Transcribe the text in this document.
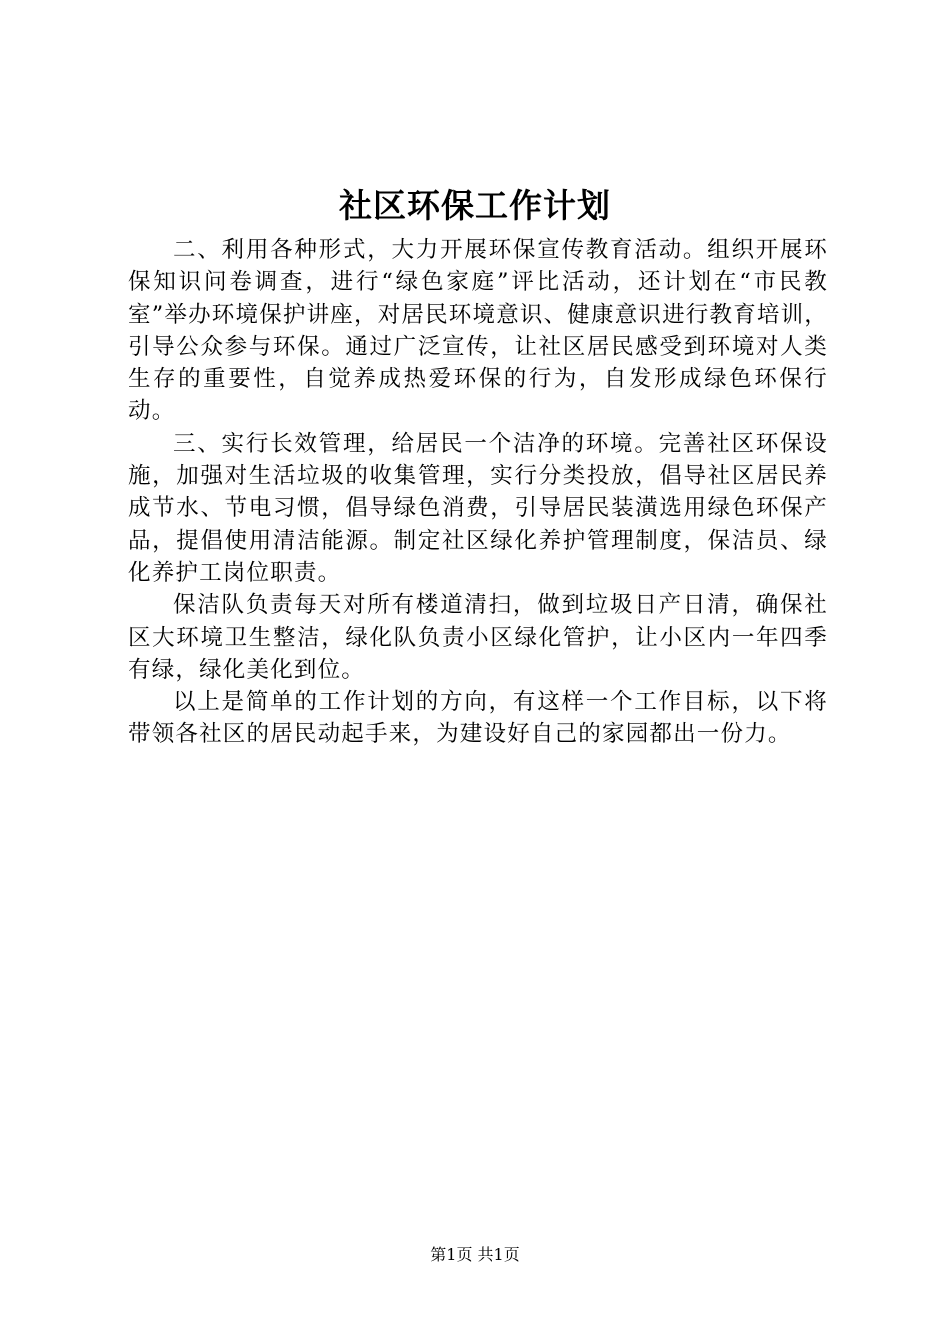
社区环保工作计划

二、利用各种形式，大力开展环保宣传教育活动。组织开展环保知识问卷调查，进行“绿色家庭”评比活动，还计划在“市民教室”举办环境保护讲座，对居民环境意识、健康意识进行教育培训，引导公众参与环保。通过广泛宣传，让社区居民感受到环境对人类生存的重要性，自觉养成热爱环保的行为，自发形成绿色环保行动。

三、实行长效管理，给居民一个洁净的环境。完善社区环保设施，加强对生活垃圾的收集管理，实行分类投放，倡导社区居民养成节水、节电习惯，倡导绿色消费，引导居民装潢选用绿色环保产品，提倡使用清洁能源。制定社区绿化养护管理制度，保洁员、绿化养护工岗位职责。

保洁队负责每天对所有楼道清扫，做到垃圾日产日清，确保社区大环境卫生整洁，绿化队负责小区绿化管护，让小区内一年四季有绿，绿化美化到位。

以上是简单的工作计划的方向，有这样一个工作目标，以下将带领各社区的居民动起手来，为建设好自己的家园都出一份力。

第1页 共1页
